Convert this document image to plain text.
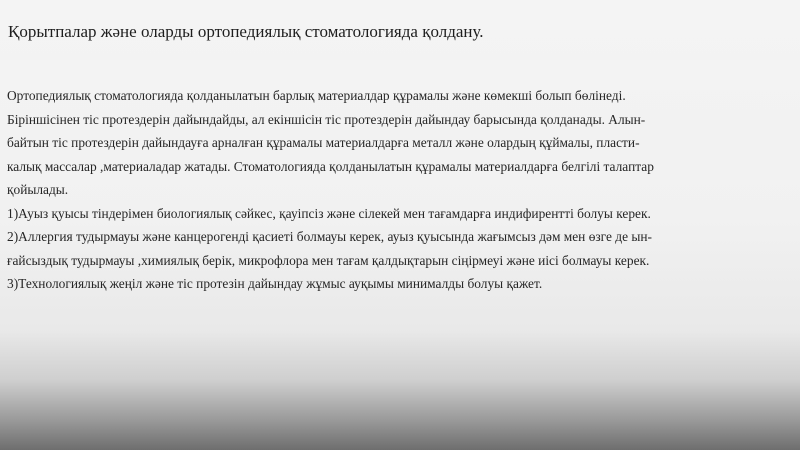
Қорытпалар және оларды ортопедиялық стоматологияда қолдану.
Ортопедиялық стоматологияда қолданылатын барлық материалдар құрамалы және көмекші болып бөлінеді.
Біріншісінен тіс протездерін дайындайды, ал екіншісін тіс протездерін дайындау барысында қолданады. Алын-
байтын тіс протездерін дайындауға арналған құрамалы материалдарға металл және олардың құймалы, пласти-
калық массалар ,материаладар жатады. Стоматологияда қолданылатын құрамалы материалдарға белгілі талаптар
қойылады.
1)Ауыз қуысы тіндерімен биологиялық сәйкес, қауіпсіз және сілекей мен тағамдарға индифирентті болуы керек.
2)Аллергия тудырмауы және канцерогенді қасиеті болмауы керек, ауыз қуысында жағымсыз дәм мен өзге де ын-
ғайсыздық тудырмауы ,химиялық берік, микрофлора мен тағам қалдықтарын сіңірмеуі және иісі болмауы керек.
3)Технологиялық жеңіл және тіс протезін дайындау жұмыс ауқымы минималды болуы қажет.
